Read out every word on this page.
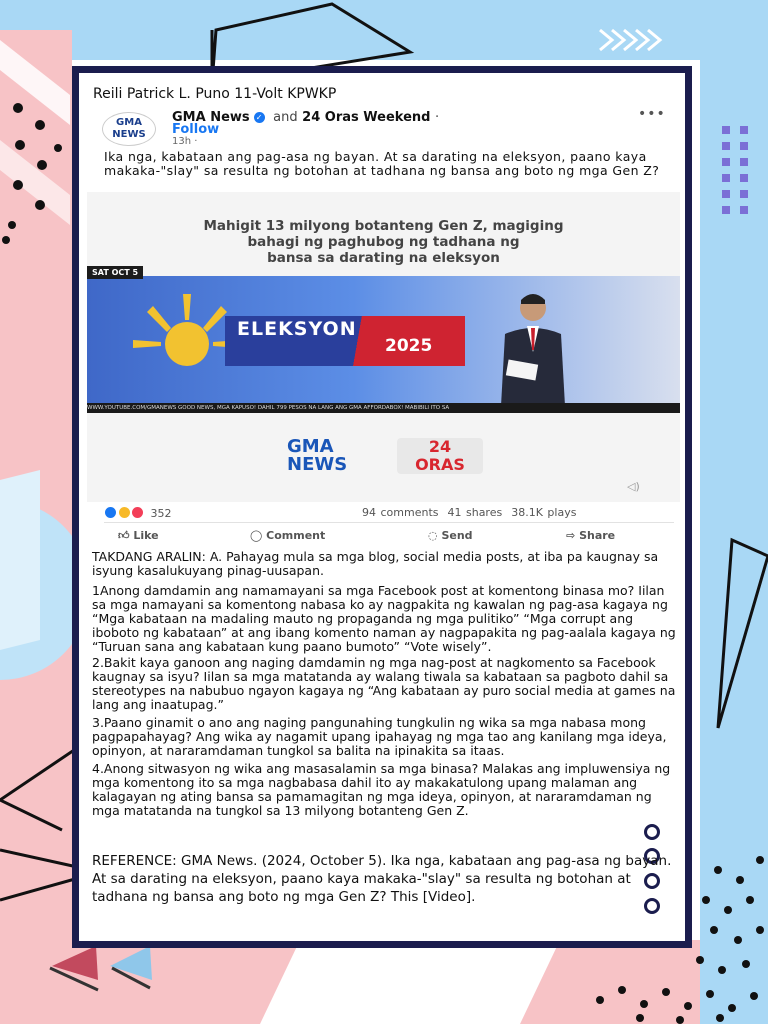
Reili Patrick L. Puno 11-Volt KPWKP
GMA
NEWS
GMA News ✓ and 24 Oras Weekend ·
Follow
13h ·
•••
Ika nga, kabataan ang pag-asa ng bayan. At sa darating na eleksyon, paano kaya makaka-"slay" sa resulta ng botohan at tadhana ng bansa ang boto ng mga Gen Z?
Mahigit 13 milyong botanteng Gen Z, magiging
bahagi ng paghubog ng tadhana ng
bansa sa darating na eleksyon
ELEKSYON
2025
SAT OCT 5
WWW.YOUTUBE.COM/GMANEWS GOOD NEWS, MGA KAPUSO! DAHIL 799 PESOS NA LANG ANG GMA AFFORDABOX! MABIBILI ITO SA
GMA
NEWS
24
ORAS
◁)
352	94 comments 41 shares 38.1K plays
👍︎ Like	◯ Comment	◌ Send	⇨ Share

TAKDANG ARALIN: A. Pahayag mula sa mga blog, social media posts, at iba pa kaugnay sa isyung kasalukuyang pinag-uusapan.

1Anong damdamin ang namamayani sa mga Facebook post at komentong binasa mo? Iilan sa mga namayani sa komentong nabasa ko ay nagpakita ng kawalan ng pag-asa kagaya ng “Mga kabataan na madaling mauto ng propaganda ng mga pulitiko” “Mga corrupt ang iboboto ng kabataan” at ang ibang komento naman ay nagpapakita ng pag-aalala kagaya ng “Turuan sana ang kabataan kung paano bumoto” “Vote wisely”.

2.Bakit kaya ganoon ang naging damdamin ng mga nag-post at nagkomento sa Facebook kaugnay sa isyu? Iilan sa mga matatanda ay walang tiwala sa kabataan sa pagboto dahil sa stereotypes na nabubuo ngayon kagaya ng “Ang kabataan ay puro social media at games na lang ang inaatupag.”

3.Paano ginamit o ano ang naging pangunahing tungkulin ng wika sa mga nabasa mong pagpapahayag? Ang wika ay nagamit upang ipahayag ng mga tao ang kanilang mga ideya, opinyon, at nararamdaman tungkol sa balita na ipinakita sa itaas.

4.Anong sitwasyon ng wika ang masasalamin sa mga binasa? Malakas ang impluwensiya ng mga komentong ito sa mga nagbabasa dahil ito ay makakatulong upang malaman ang kalagayan ng ating bansa sa pamamagitan ng mga ideya, opinyon, at nararamdaman ng mga matatanda na tungkol sa 13 milyong botanteng Gen Z.

REFERENCE: GMA News. (2024, October 5). Ika nga, kabataan ang pag-asa ng bayan. At sa darating na eleksyon, paano kaya makaka-"slay" sa resulta ng botohan at tadhana ng bansa ang boto ng mga Gen Z? This [Video].
